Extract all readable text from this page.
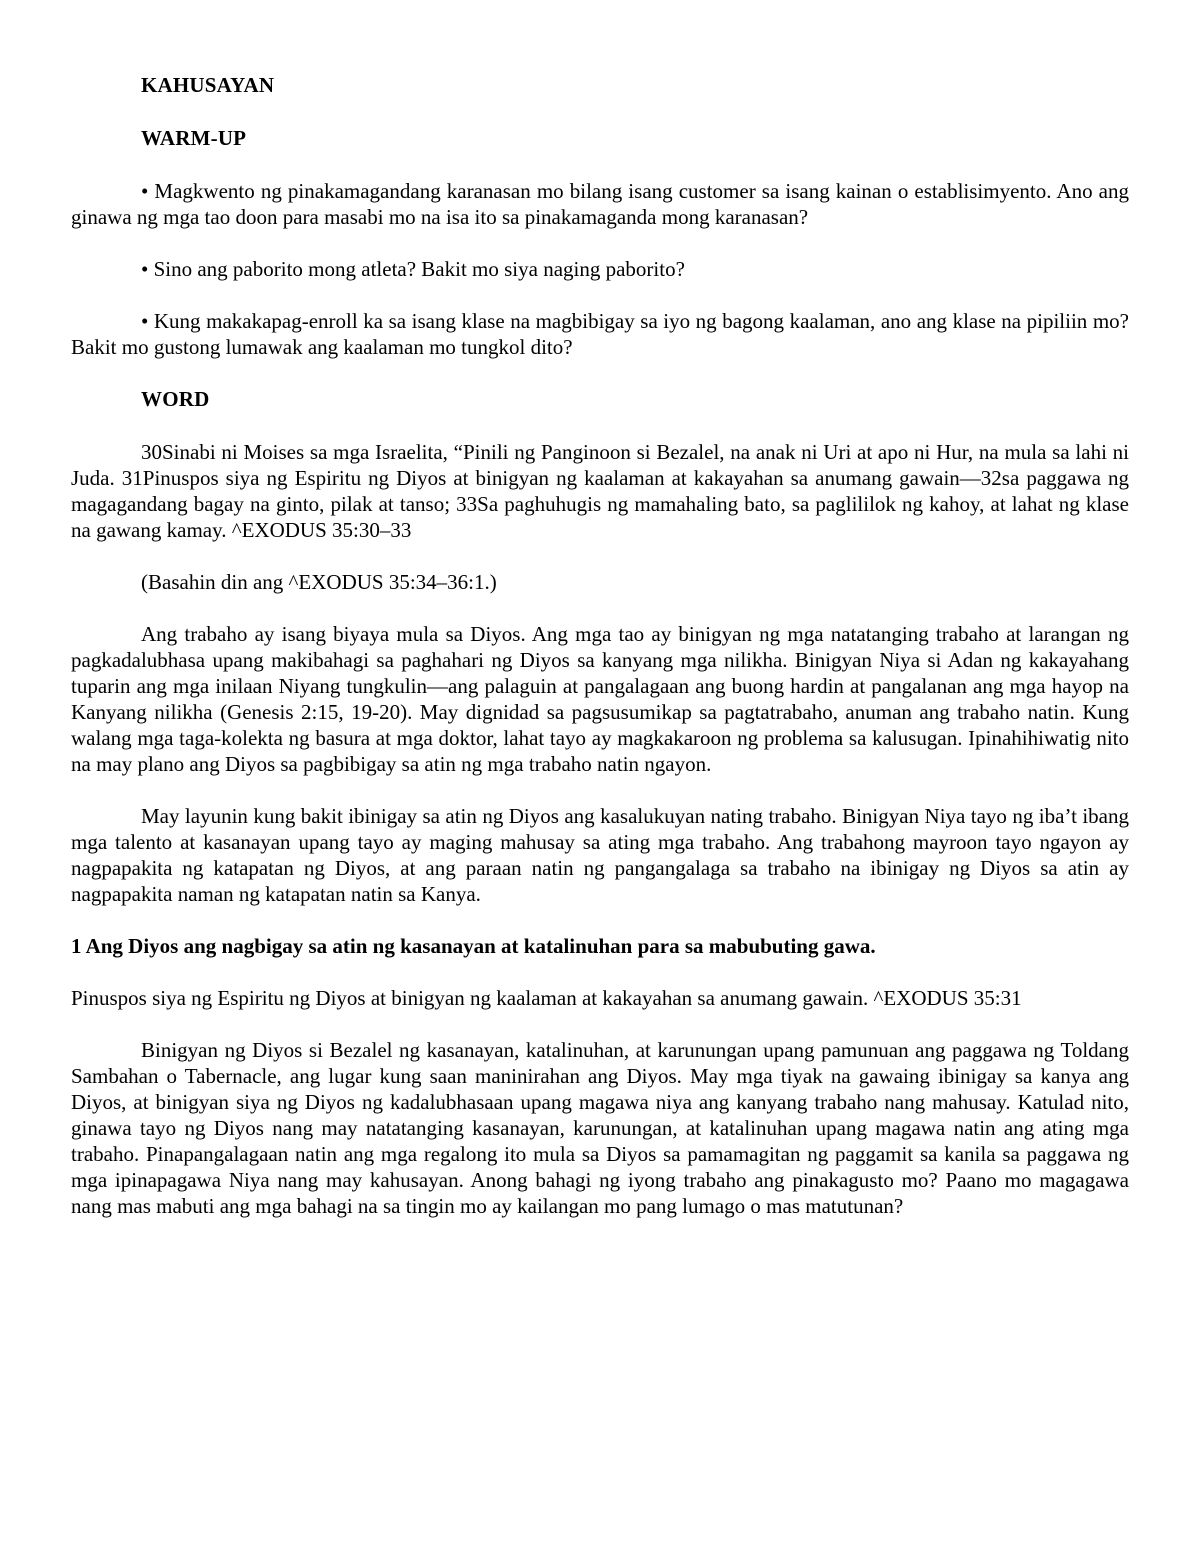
KAHUSAYAN
WARM-UP

• Magkwento ng pinakamagandang karanasan mo bilang isang customer sa isang kainan o establisimyento. Ano ang ginawa ng mga tao doon para masabi mo na isa ito sa pinakamaganda mong karanasan?

• Sino ang paborito mong atleta? Bakit mo siya naging paborito?

• Kung makakapag-enroll ka sa isang klase na magbibigay sa iyo ng bagong kaalaman, ano ang klase na pipiliin mo? Bakit mo gustong lumawak ang kaalaman mo tungkol dito?

WORD

30Sinabi ni Moises sa mga Israelita, “Pinili ng Panginoon si Bezalel, na anak ni Uri at apo ni Hur, na mula sa lahi ni Juda. 31Pinuspos siya ng Espiritu ng Diyos at binigyan ng kaalaman at kakayahan sa anumang gawain—32sa paggawa ng magagandang bagay na ginto, pilak at tanso; 33Sa paghuhugis ng mamahaling bato, sa paglililok ng kahoy, at lahat ng klase na gawang kamay. ^EXODUS 35:30–33

(Basahin din ang ^EXODUS 35:34–36:1.)

Ang trabaho ay isang biyaya mula sa Diyos. Ang mga tao ay binigyan ng mga natatanging trabaho at larangan ng pagkadalubhasa upang makibahagi sa paghahari ng Diyos sa kanyang mga nilikha. Binigyan Niya si Adan ng kakayahang tuparin ang mga inilaan Niyang tungkulin—ang palaguin at pangalagaan ang buong hardin at pangalanan ang mga hayop na Kanyang nilikha (Genesis 2:15, 19-20). May dignidad sa pagsusumikap sa pagtatrabaho, anuman ang trabaho natin. Kung walang mga taga-kolekta ng basura at mga doktor, lahat tayo ay magkakaroon ng problema sa kalusugan. Ipinahihiwatig nito na may plano ang Diyos sa pagbibigay sa atin ng mga trabaho natin ngayon.

May layunin kung bakit ibinigay sa atin ng Diyos ang kasalukuyan nating trabaho. Binigyan Niya tayo ng iba’t ibang mga talento at kasanayan upang tayo ay maging mahusay sa ating mga trabaho. Ang trabahong mayroon tayo ngayon ay nagpapakita ng katapatan ng Diyos, at ang paraan natin ng pangangalaga sa trabaho na ibinigay ng Diyos sa atin ay nagpapakita naman ng katapatan natin sa Kanya.

1 Ang Diyos ang nagbigay sa atin ng kasanayan at katalinuhan para sa mabubuting gawa.

Pinuspos siya ng Espiritu ng Diyos at binigyan ng kaalaman at kakayahan sa anumang gawain. ^EXODUS 35:31

Binigyan ng Diyos si Bezalel ng kasanayan, katalinuhan, at karunungan upang pamunuan ang paggawa ng Toldang Sambahan o Tabernacle, ang lugar kung saan maninirahan ang Diyos. May mga tiyak na gawaing ibinigay sa kanya ang Diyos, at binigyan siya ng Diyos ng kadalubhasaan upang magawa niya ang kanyang trabaho nang mahusay. Katulad nito, ginawa tayo ng Diyos nang may natatanging kasanayan, karunungan, at katalinuhan upang magawa natin ang ating mga trabaho. Pinapangalagaan natin ang mga regalong ito mula sa Diyos sa pamamagitan ng paggamit sa kanila sa paggawa ng mga ipinapagawa Niya nang may kahusayan. Anong bahagi ng iyong trabaho ang pinakagusto mo? Paano mo magagawa nang mas mabuti ang mga bahagi na sa tingin mo ay kailangan mo pang lumago o mas matutunan?
